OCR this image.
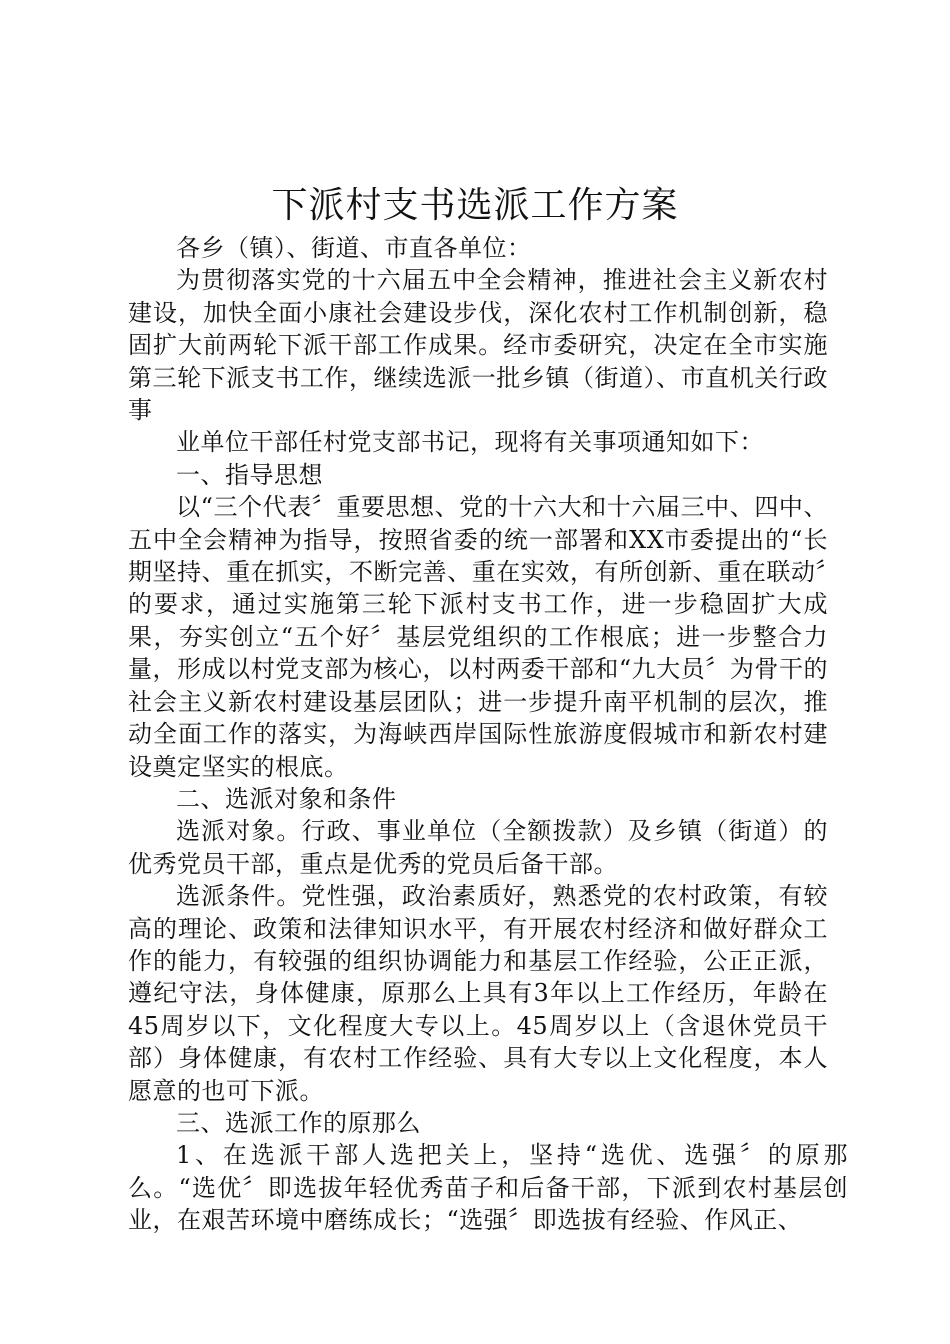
下派村支书选派工作方案

各乡（镇）、街道、市直各单位：

为贯彻落实党的十六届五中全会精神，推进社会主义新农村建设，加快全面小康社会建设步伐，深化农村工作机制创新，稳固扩大前两轮下派干部工作成果。经市委研究，决定在全市实施第三轮下派支书工作，继续选派一批乡镇（街道）、市直机关行政事

业单位干部任村党支部书记，现将有关事项通知如下：

一、指导思想

以“三个代表〞重要思想、党的十六大和十六届三中、四中、五中全会精神为指导，按照省委的统一部署和XX市委提出的“长期坚持、重在抓实，不断完善、重在实效，有所创新、重在联动〞的要求，通过实施第三轮下派村支书工作，进一步稳固扩大成果，夯实创立“五个好〞基层党组织的工作根底；进一步整合力量，形成以村党支部为核心，以村两委干部和“九大员〞为骨干的社会主义新农村建设基层团队；进一步提升南平机制的层次，推动全面工作的落实，为海峡西岸国际性旅游度假城市和新农村建设奠定坚实的根底。

二、选派对象和条件

选派对象。行政、事业单位（全额拨款）及乡镇（街道）的优秀党员干部，重点是优秀的党员后备干部。

选派条件。党性强，政治素质好，熟悉党的农村政策，有较高的理论、政策和法律知识水平，有开展农村经济和做好群众工作的能力，有较强的组织协调能力和基层工作经验，公正正派，遵纪守法，身体健康，原那么上具有3年以上工作经历，年龄在45周岁以下，文化程度大专以上。45周岁以上（含退休党员干部）身体健康，有农村工作经验、具有大专以上文化程度，本人愿意的也可下派。

三、选派工作的原那么

1、在选派干部人选把关上，坚持“选优、选强〞的原那么。“选优〞即选拔年轻优秀苗子和后备干部，下派到农村基层创业，在艰苦环境中磨练成长；“选强〞即选拔有经验、作风正、
